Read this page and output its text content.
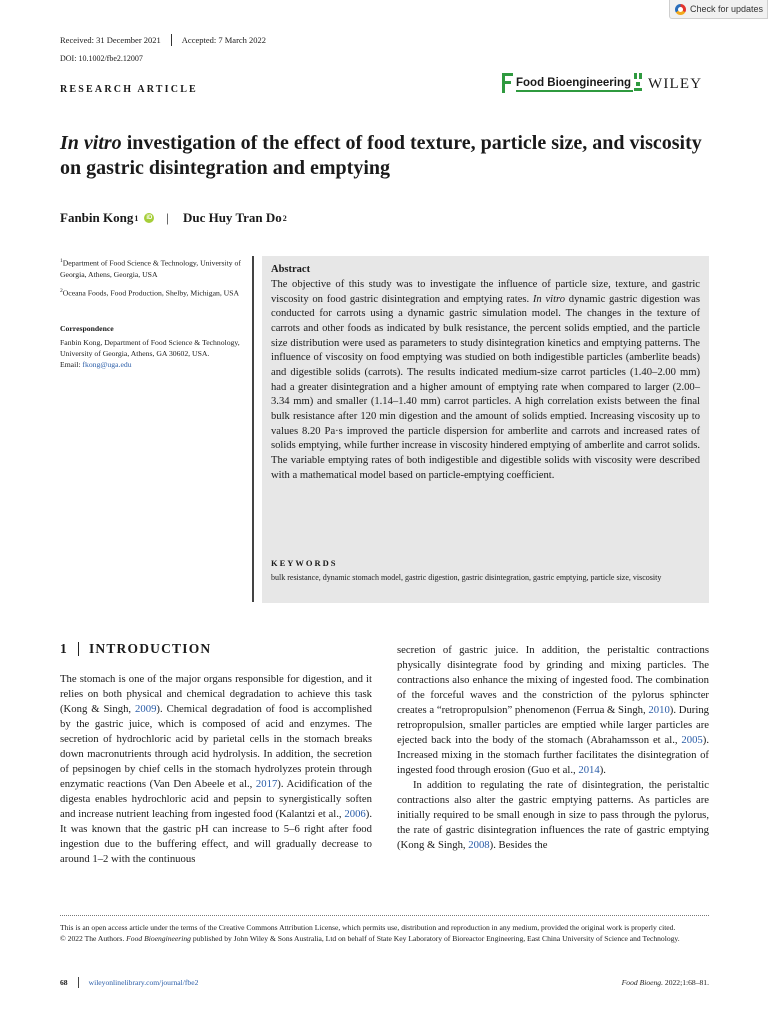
Check for updates
Received: 31 December 2021 Accepted: 7 March 2022
DOI: 10.1002/fbe2.12007
RESEARCH ARTICLE
Food Bioengineering WILEY
In vitro investigation of the effect of food texture, particle size, and viscosity on gastric disintegration and emptying
Fanbin Kong 1	iD | Duc Huy Tran Do 2
$^1$Department of Food Science & Technology, University of Georgia, Athens, Georgia, USA
$^2$Oceana Foods, Food Production, Shelby, Michigan, USA
Correspondence
Fanbin Kong, Department of Food Science & Technology, University of Georgia, Athens, GA 30602, USA.
Email: fkong@uga.edu
Abstract
The objective of this study was to investigate the influence of particle size, texture, and gastric viscosity on food gastric disintegration and emptying rates. In vitro dynamic gastric digestion was conducted for carrots using a dynamic gastric simulation model. The changes in the texture of carrots and other foods as indicated by bulk resistance, the percent solids emptied, and the particle size distribution were used as parameters to study disintegration kinetics and emptying patterns. The influence of viscosity on food emptying was studied on both indigestible particles (amberlite beads) and digestible solids (carrots). The results indicated medium-size carrot particles (1.40–2.00 mm) had a greater disintegration and a higher amount of emptying rate when compared to larger (2.00–3.34 mm) and smaller (1.14–1.40 mm) carrot particles. A high correlation exists between the final bulk resistance after 120 min digestion and the amount of solids emptied. Increasing viscosity up to values 8.20 Pa·s improved the particle dispersion for amberlite and carrots and increased rates of solids emptying, while further increase in viscosity hindered emptying of amberlite and carrot solids. The variable emptying rates of both indigestible and digestible solids with viscosity were described with a mathematical model based on particle-emptying coefficient.
KEYWORDS
bulk resistance, dynamic stomach model, gastric digestion, gastric disintegration, gastric emptying, particle size, viscosity
1 INTRODUCTION

The stomach is one of the major organs responsible for digestion, and it relies on both physical and chemical degradation to achieve this task (Kong & Singh, 2009). Chemical degradation of food is accomplished by the gastric juice, which is composed of acid and enzymes. The secretion of hydrochloric acid by parietal cells in the stomach breaks down macronutrients through acid hydrolysis. In addition, the secretion of pepsinogen by chief cells in the stomach hydrolyzes protein through enzymatic reactions (Van Den Abeele et al., 2017). Acidification of the digesta enables hydrochloric acid and pepsin to synergistically soften and increase nutrient leaching from ingested food (Kalantzi et al., 2006). It was known that the gastric pH can increase to 5–6 right after food ingestion due to the buffering effect, and will gradually decrease to around 1–2 with the continuous

secretion of gastric juice. In addition, the peristaltic contractions physically disintegrate food by grinding and mixing particles. The contractions also enhance the mixing of ingested food. The combination of the forceful waves and the constriction of the pylorus sphincter creates a “retropropulsion” phenomenon (Ferrua & Singh, 2010). During retropropulsion, smaller particles are emptied while larger particles are ejected back into the body of the stomach (Abrahamsson et al., 2005). Increased mixing in the stomach further facilitates the disintegration of ingested food through erosion (Guo et al., 2014).

In addition to regulating the rate of disintegration, the peristaltic contractions also alter the gastric emptying patterns. As particles are initially required to be small enough in size to pass through the pylorus, the rate of gastric disintegration influences the rate of gastric emptying (Kong & Singh, 2008). Besides the

This is an open access article under the terms of the Creative Commons Attribution License, which permits use, distribution and reproduction in any medium, provided the original work is properly cited.
© 2022 The Authors. Food Bioengineering published by John Wiley & Sons Australia, Ltd on behalf of State Key Laboratory of Bioreactor Engineering, East China University of Science and Technology.
68	wileyonlinelibrary.com/journal/fbe2	Food Bioeng. 2022;1:68–81.
